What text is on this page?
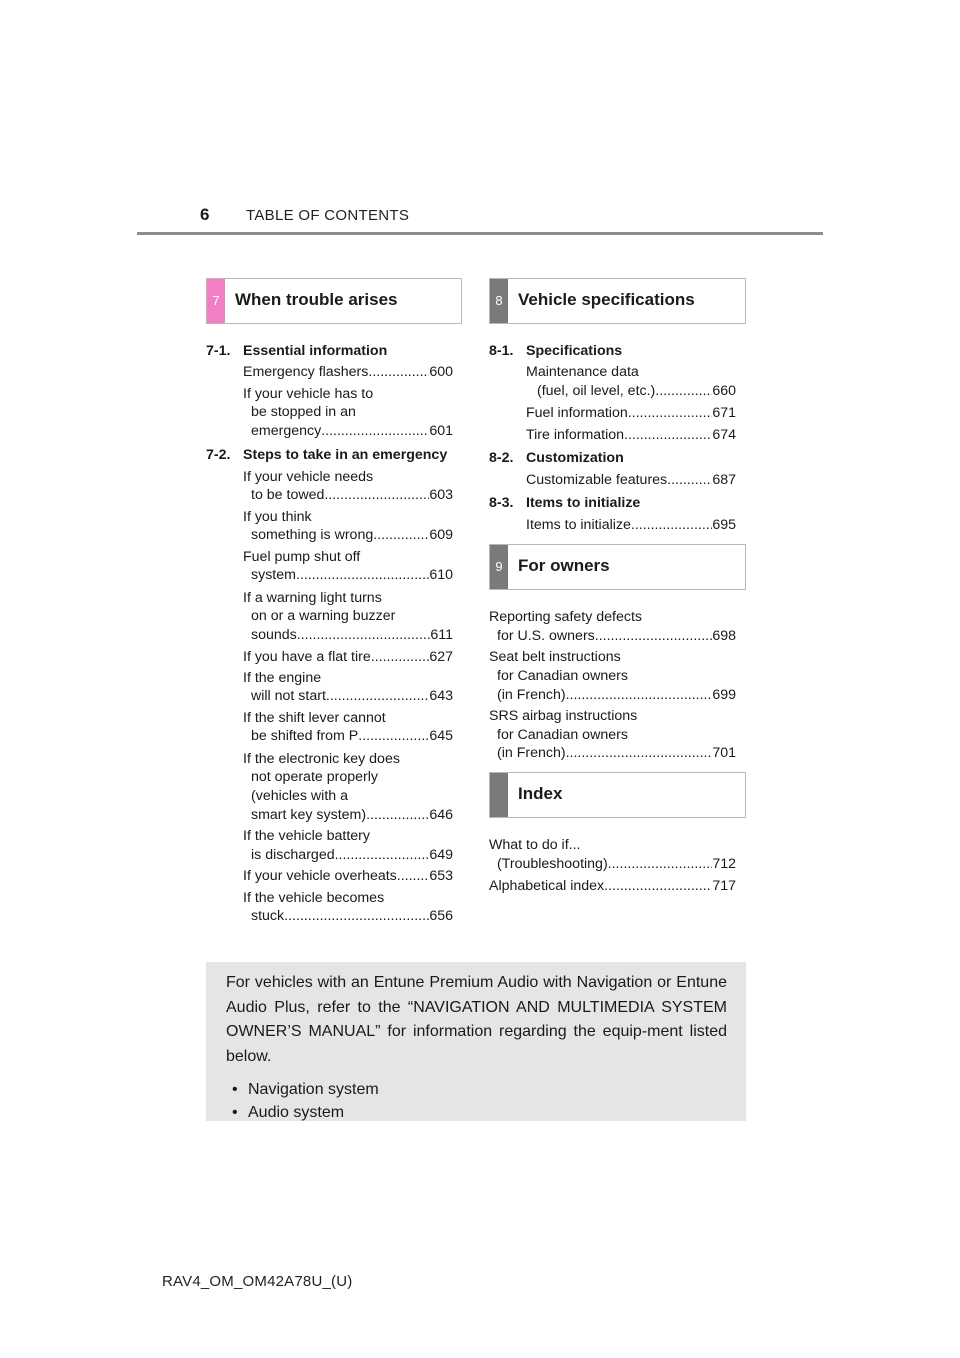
6 TABLE OF CONTENTS
7 When trouble arises	8 Vehicle specifications
9 For owners
Index
7-1. Essential information
Emergency flashers .....	600
If your vehicle has to
be stopped in an
emergency .....	601
7-2. Steps to take in an emergency
If your vehicle needs
to be towed .....	603
If you think
something is wrong .....	609
Fuel pump shut off
system .....	610
If a warning light turns
on or a warning buzzer
sounds .....	611
If you have a flat tire .....	627
If the engine
will not start .....	643
If the shift lever cannot
be shifted from P .....	645
If the electronic key does
not operate properly
(vehicles with a
smart key system) .....	646
If the vehicle battery
is discharged .....	649
If your vehicle overheats ..... 653
If the vehicle becomes
stuck .....	656
8-1. Specifications
Maintenance data
(fuel, oil level, etc.) .....	660
Fuel information .....	671
Tire information .....	674
8-2. Customization
Customizable features .....	687
8-3. Items to initialize
Items to initialize .....	695
Reporting safety defects
for U.S. owners .....	698
Seat belt instructions
for Canadian owners
(in French) .....	699
SRS airbag instructions
for Canadian owners
(in French) .....	701
What to do if...
(Troubleshooting) .....	712
Alphabetical index .....	717

For vehicles with an Entune Premium Audio with Navigation or Entune Audio Plus, refer to the “NAVIGATION AND MULTIMEDIA SYSTEM OWNER’S MANUAL” for information regarding the equip-ment listed below.

• Navigation system
• Audio system
RAV4_OM_OM42A78U_(U)
